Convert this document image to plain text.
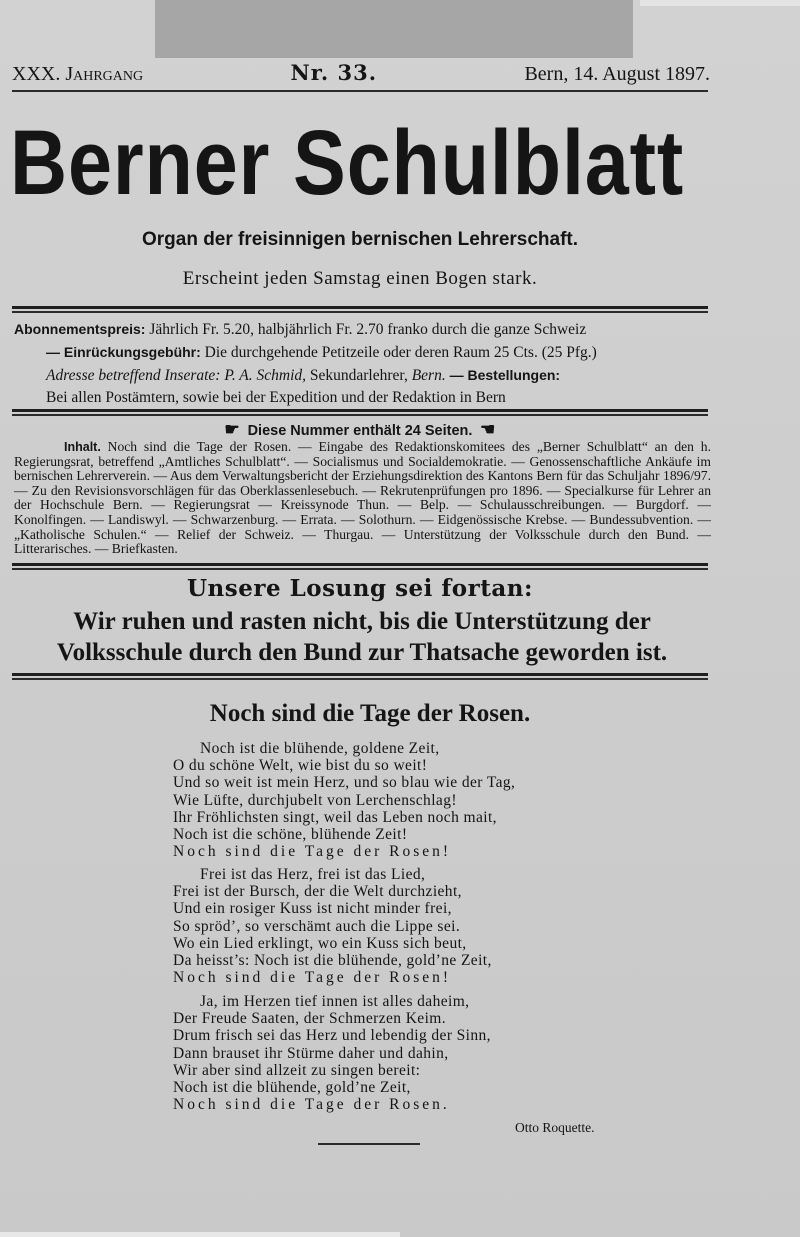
XXX. Jahrgang	Nr. 33.	Bern, 14. August 1897.
Berner Schulblatt
Organ der freisinnigen bernischen Lehrerschaft.
Erscheint jeden Samstag einen Bogen stark.
Abonnementspreis: Jährlich Fr. 5.20, halbjährlich Fr. 2.70 franko durch die ganze Schweiz
— Einrückungsgebühr: Die durchgehende Petitzeile oder deren Raum 25 Cts. (25 Pfg.)
Adresse betreffend Inserate: P. A. Schmid, Sekundarlehrer, Bern. — Bestellungen:
Bei allen Postämtern, sowie bei der Expedition und der Redaktion in Bern
☛ Diese Nummer enthält 24 Seiten. ☛
Inhalt. Noch sind die Tage der Rosen. — Eingabe des Redaktionskomitees des „Berner Schulblatt“ an den h. Regierungsrat, betreffend „Amtliches Schulblatt“. — Socialismus und Socialdemokratie. — Genossenschaftliche Ankäufe im bernischen Lehrerverein. — Aus dem Verwaltungsbericht der Erziehungsdirektion des Kantons Bern für das Schuljahr 1896/97. — Zu den Revisionsvorschlägen für das Oberklassenlesebuch. — Rekrutenprüfungen pro 1896. — Specialkurse für Lehrer an der Hochschule Bern. — Regierungsrat — Kreissynode Thun. — Belp. — Schulausschreibungen. — Burgdorf. — Konolfingen. — Landiswyl. — Schwarzenburg. — Errata. — Solothurn. — Eidgenössische Krebse. — Bundessubvention. — „Katholische Schulen.“ — Relief der Schweiz. — Thurgau. — Unterstützung der Volksschule durch den Bund. — Litterarisches. — Briefkasten.
Unsere Losung sei fortan:
Wir ruhen und rasten nicht, bis die Unterstützung der
Volksschule durch den Bund zur Thatsache geworden ist.
Noch sind die Tage der Rosen.
Noch ist die blühende, goldene Zeit,
O du schöne Welt, wie bist du so weit!
Und so weit ist mein Herz, und so blau wie der Tag,
Wie Lüfte, durchjubelt von Lerchenschlag!
Ihr Fröhlichsten singt, weil das Leben noch mait,
Noch ist die schöne, blühende Zeit!
Noch sind die Tage der Rosen!
Frei ist das Herz, frei ist das Lied,
Frei ist der Bursch, der die Welt durchzieht,
Und ein rosiger Kuss ist nicht minder frei,
So spröd’, so verschämt auch die Lippe sei.
Wo ein Lied erklingt, wo ein Kuss sich beut,
Da heisst’s: Noch ist die blühende, gold’ne Zeit,
Noch sind die Tage der Rosen!
Ja, im Herzen tief innen ist alles daheim,
Der Freude Saaten, der Schmerzen Keim.
Drum frisch sei das Herz und lebendig der Sinn,
Dann brauset ihr Stürme daher und dahin,
Wir aber sind allzeit zu singen bereit:
Noch ist die blühende, gold’ne Zeit,
Noch sind die Tage der Rosen.
Otto Roquette.
